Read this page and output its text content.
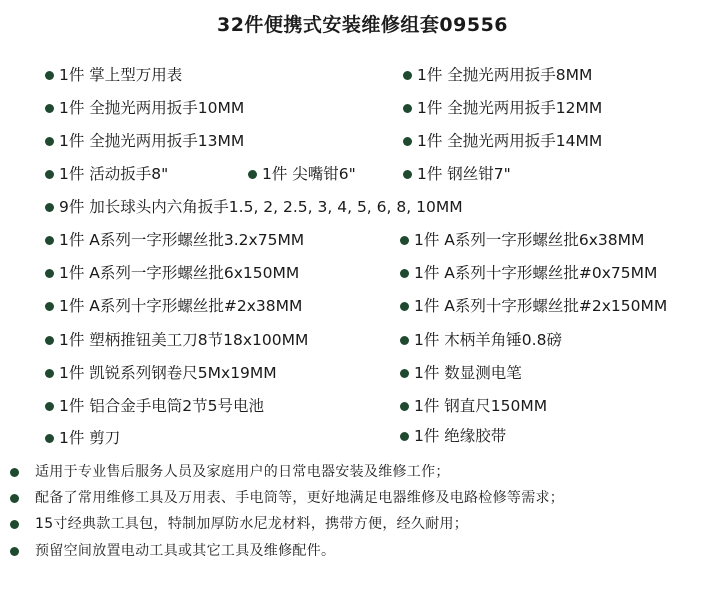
32件便携式安装维修组套09556
1件 掌上型万用表	1件 全抛光两用扳手8MM
1件 全抛光两用扳手10MM	1件 全抛光两用扳手12MM
1件 全抛光两用扳手13MM	1件 全抛光两用扳手14MM
1件 活动扳手8"	1件 尖嘴钳6"	1件 钢丝钳7"
9件 加长球头内六角扳手1.5, 2, 2.5, 3, 4, 5, 6, 8, 10MM
1件 A系列一字形螺丝批3.2x75MM	1件 A系列一字形螺丝批6x38MM
1件 A系列一字形螺丝批6x150MM	1件 A系列十字形螺丝批#0x75MM
1件 A系列十字形螺丝批#2x38MM	1件 A系列十字形螺丝批#2x150MM
1件 塑柄推钮美工刀8节18x100MM	1件 木柄羊角锤0.8磅
1件 凯锐系列钢卷尺5Mx19MM	1件 数显测电笔
1件 铝合金手电筒2节5号电池	1件 钢直尺150MM
1件 剪刀	1件 绝缘胶带
适用于专业售后服务人员及家庭用户的日常电器安装及维修工作；
配备了常用维修工具及万用表、手电筒等，更好地满足电器维修及电路检修等需求；
15寸经典款工具包，特制加厚防水尼龙材料，携带方便，经久耐用；
预留空间放置电动工具或其它工具及维修配件。
